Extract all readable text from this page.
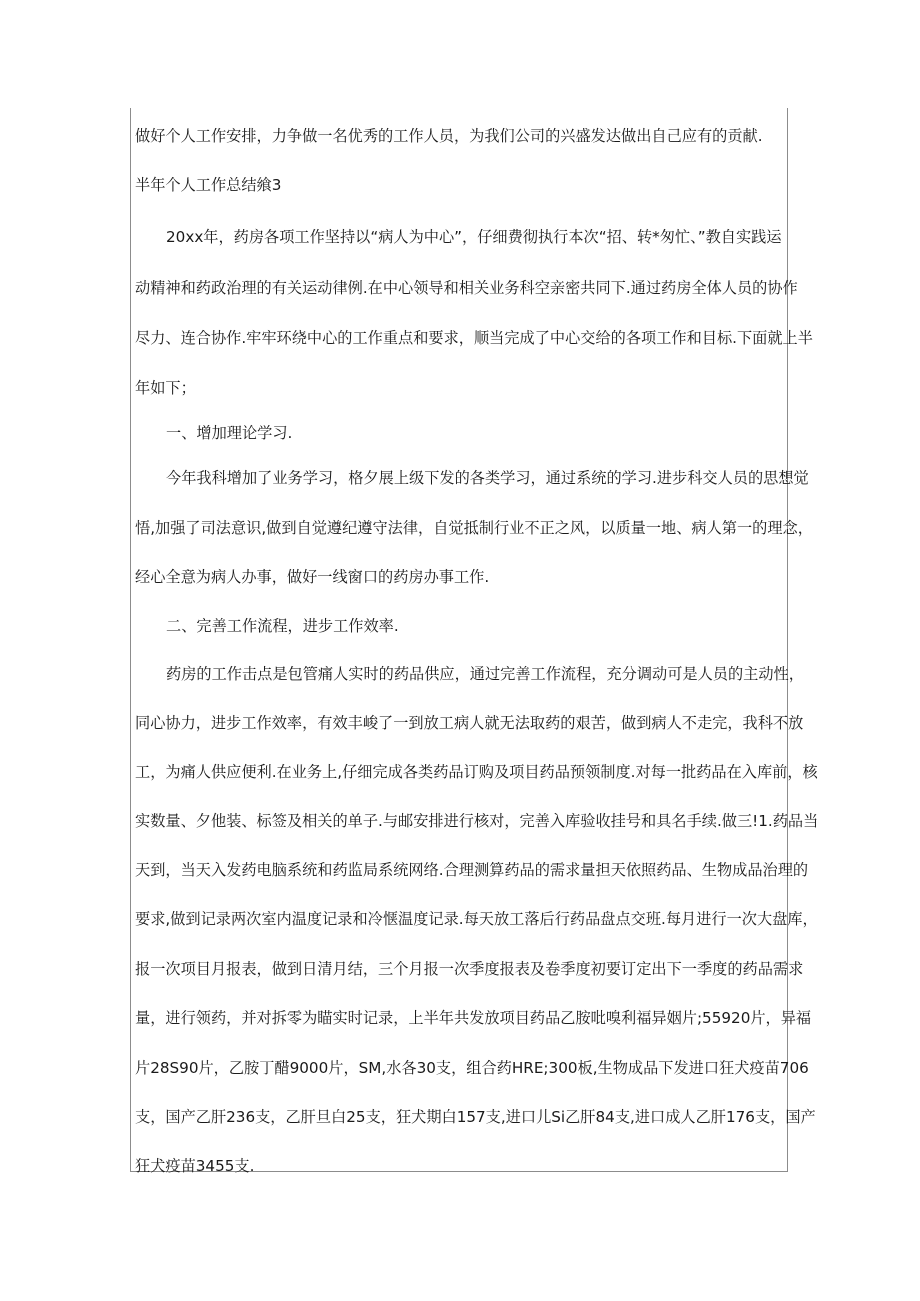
做好个人工作安排，力争做一名优秀的工作人员，为我们公司的兴盛发达做出自己应有的贡献.
半年个人工作总结飨3
20xx年，药房各项工作坚持以“病人为中心”，仔细费彻执行本次“招、转*匆忙、”教自实践运
动精神和药政治理的有关运动律例.在中心领导和相关业务科空亲密共同下.通过药房全体人员的协作
尽力、连合协作.牢牢环绕中心的工作重点和要求，顺当完成了中心交给的各项工作和目标.下面就上半
年如下；
一、增加理论学习.
今年我科增加了业务学习，格夕展上级下发的各类学习，通过系统的学习.进步科交人员的思想觉
悟,加强了司法意识,做到自觉遵纪遵守法律，自觉抵制行业不正之风，以质量一地、病人第一的理念，
经心全意为病人办事，做好一线窗口的药房办事工作.
二、完善工作流程，进步工作效率.
药房的工作击点是包管痛人实时的药品供应，通过完善工作流程，充分调动可是人员的主动性，
同心协力，进步工作效率，有效丰峻了一到放工病人就无法取药的艰苦，做到病人不走完，我科不放
工，为痛人供应便利.在业务上,仔细完成各类药品订购及项目药品预领制度.对每一批药品在入库前，核
实数量、夕他装、标签及相关的单子.与邮安排进行核对，完善入库验收挂号和具名手续.做三!1.药品当
天到，当天入发药电脑系统和药监局系统网络.合理测算药品的需求量担天依照药品、生物成品治理的
要求,做到记录两次室内温度记录和冷惬温度记录.每天放工落后行药品盘点交班.每月进行一次大盘库，
报一次项目月报表，做到日清月结，三个月报一次季度报表及卷季度初要订定出下一季度的药品需求
量，进行领药，并对拆零为瞄实时记录，上半年共发放项目药品乙胺吡嗅利福异姻片;55920片，异福
片28S90片，乙胺丁醋9000片，SM,水各30支，组合药HRE;300板,生物成品下发进口狂犬疫苗706
支，国产乙肝236支，乙肝旦白25支，狂犬期白157支,进口儿Si乙肝84支,进口成人乙肝176支，国产
狂犬疫苗3455支.
